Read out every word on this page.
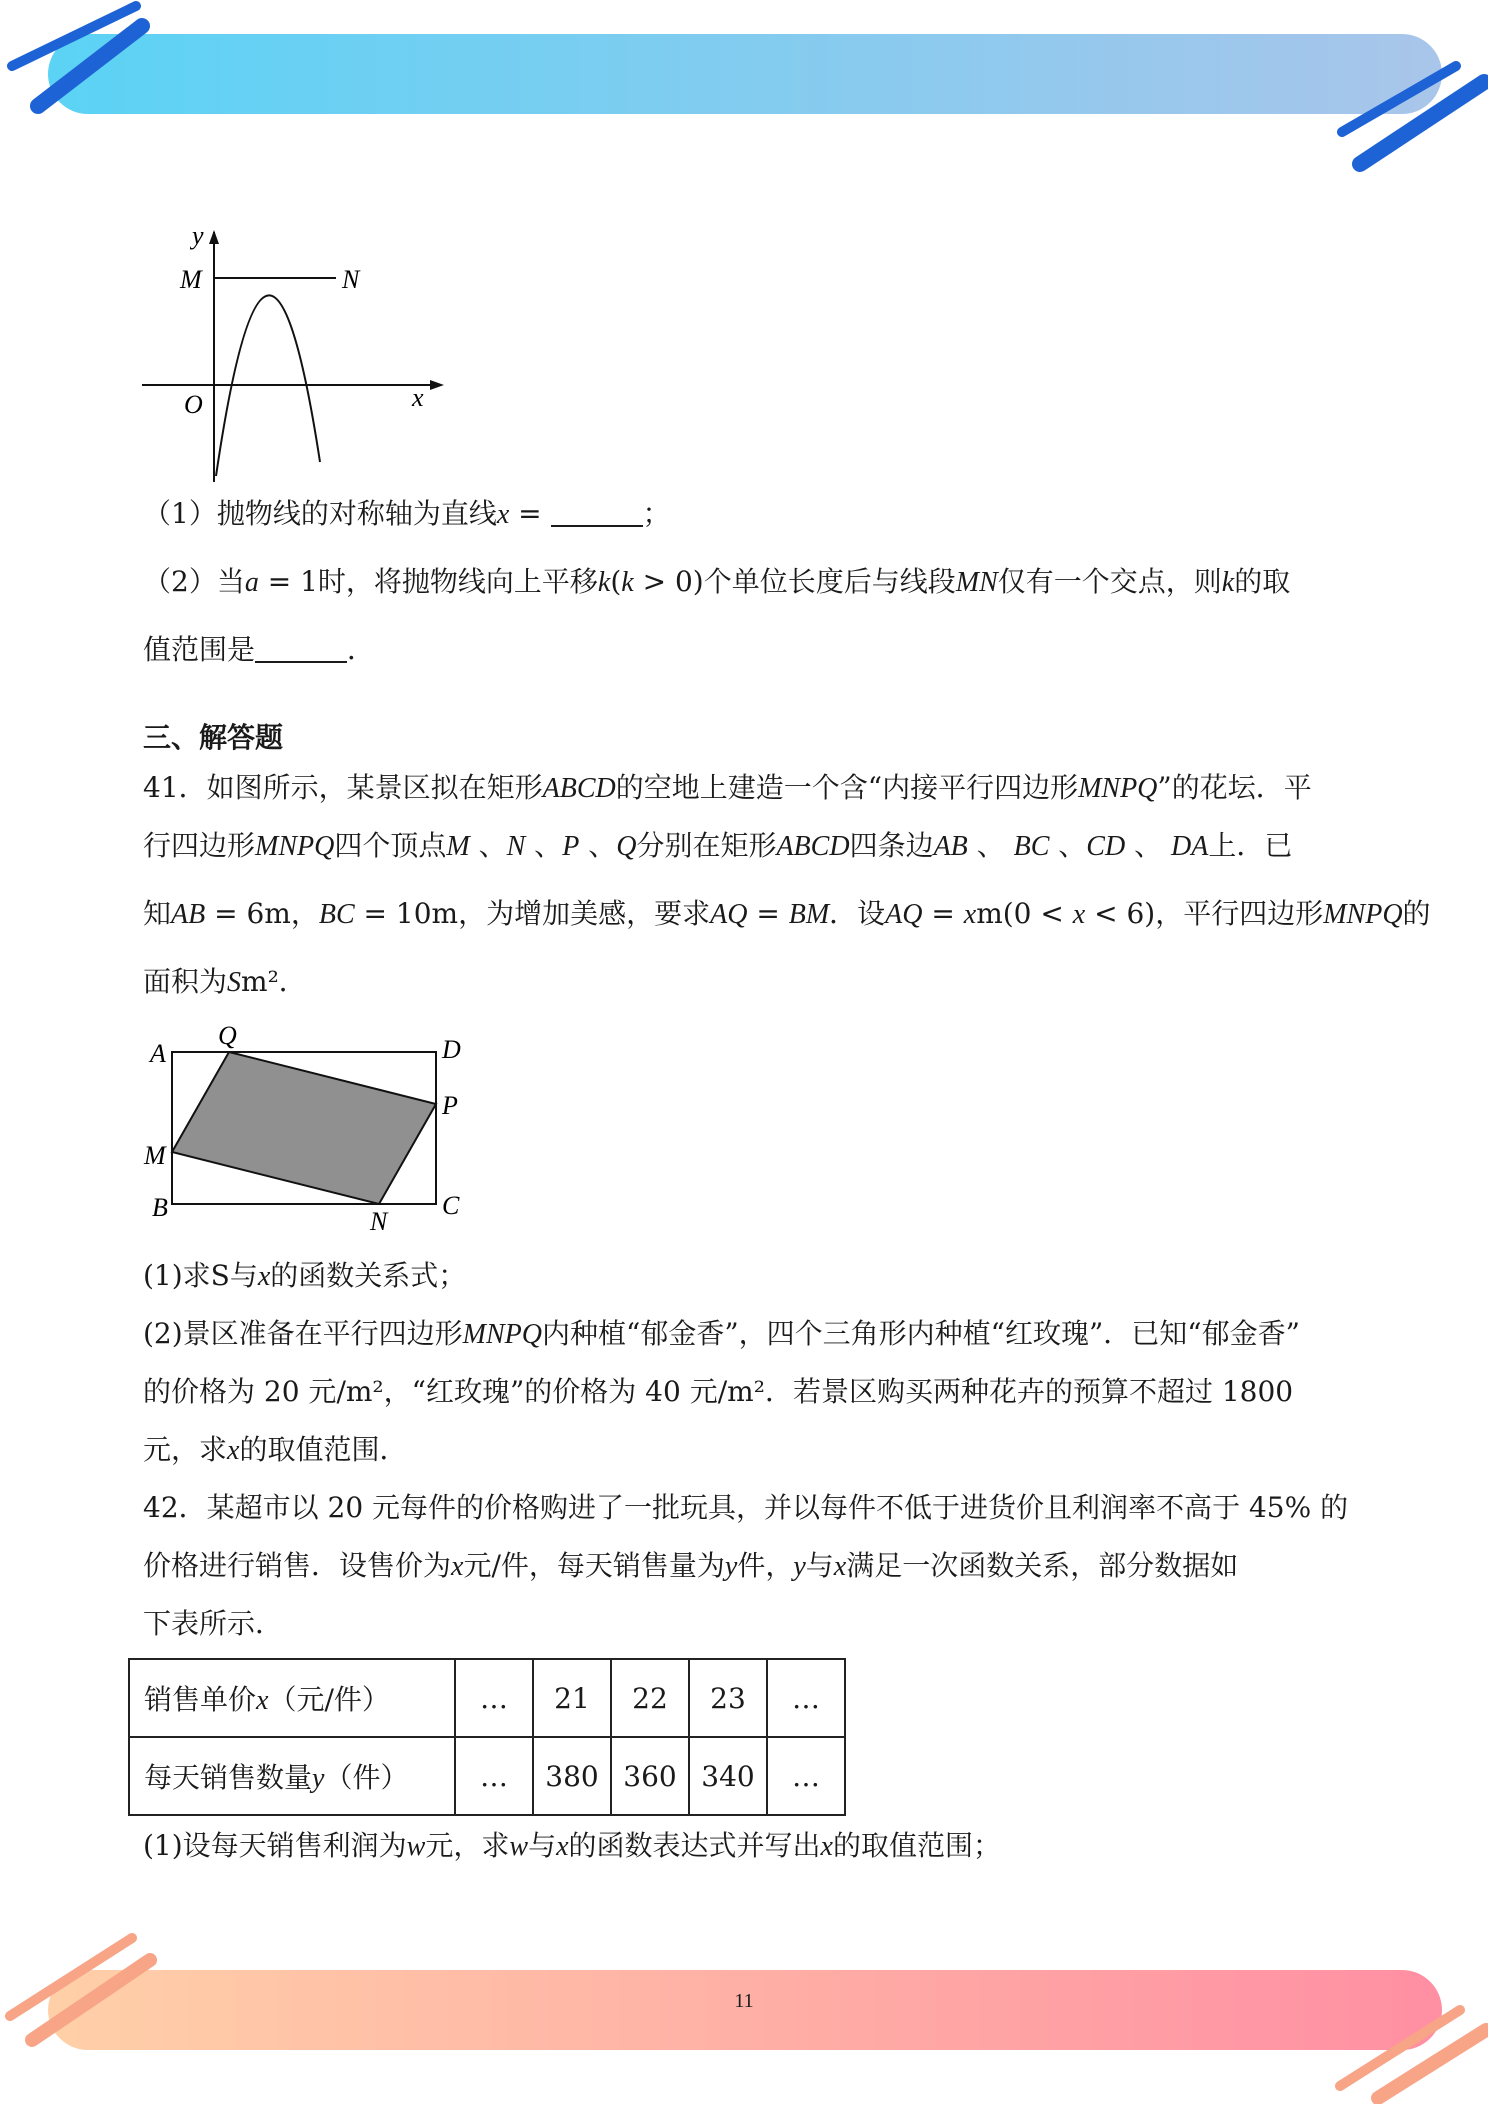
y
M	N
O	x
（1）抛物线的对称轴为直线x =	；
（2）当a = 1时，将抛物线向上平移k(k > 0)个单位长度后与线段MN仅有一个交点，则k的取
值范围是	．
三、解答题
41．如图所示，某景区拟在矩形ABCD的空地上建造一个含“内接平行四边形MNPQ”的花坛．平
行四边形MNPQ四个顶点M 、N 、P 、Q分别在矩形ABCD四条边AB 、 BC 、CD 、 DA上．已
知AB = 6m，BC = 10m，为增加美感，要求AQ = BM．设AQ = xm(0 < x < 6)，平行四边形MNPQ的
面积为Sm²．
A
Q	D
P
M
B	N
C
(1)求S与x的函数关系式；
(2)景区准备在平行四边形MNPQ内种植“郁金香”，四个三角形内种植“红玫瑰”．已知“郁金香”
的价格为 20 元/m²，“红玫瑰”的价格为 40 元/m²．若景区购买两种花卉的预算不超过 1800
元，求x的取值范围．
42．某超市以 20 元每件的价格购进了一批玩具，并以每件不低于进货价且利润率不高于 45% 的
价格进行销售．设售价为x元/件，每天销售量为y件，y与x满足一次函数关系，部分数据如
下表所示．
销售单价x（元/件）	…	21	22	23	…
每天销售数量y（件）	…	380	360	340	…
(1)设每天销售利润为w元，求w与x的函数表达式并写出x的取值范围；
11
